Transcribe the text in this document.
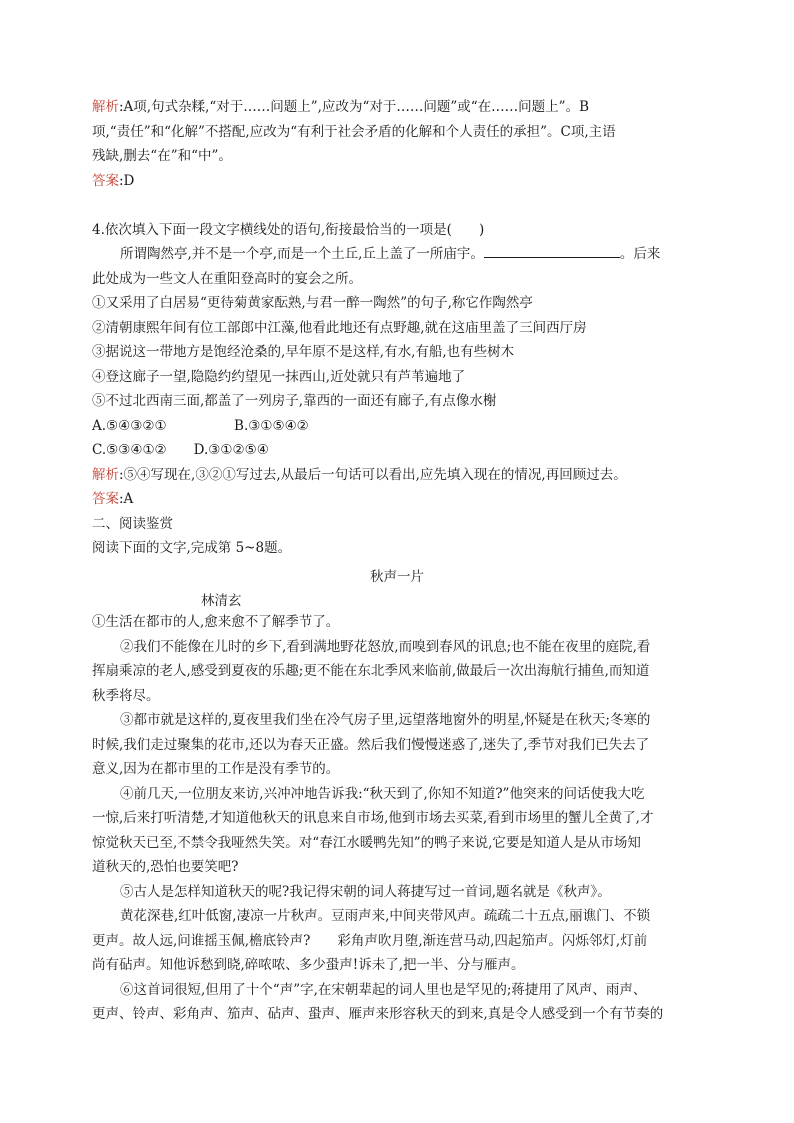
解析:A项,句式杂糅,“对于……问题上”,应改为“对于……问题”或“在……问题上”。B
项,“责任”和“化解”不搭配,应改为“有利于社会矛盾的化解和个人责任的承担”。C项,主语
残缺,删去“在”和“中”。
答案:D
4.依次填入下面一段文字横线处的语句,衔接最恰当的一项是(　　)
所谓陶然亭,并不是一个亭,而是一个土丘,丘上盖了一所庙宇。	。后来
此处成为一些文人在重阳登高时的宴会之所。
①又采用了白居易“更待菊黄家酝熟,与君一醉一陶然”的句子,称它作陶然亭
②清朝康熙年间有位工部郎中江藻,他看此地还有点野趣,就在这庙里盖了三间西厅房
③据说这一带地方是饱经沧桑的,早年原不是这样,有水,有船,也有些树木
④登这廊子一望,隐隐约约望见一抹西山,近处就只有芦苇遍地了
⑤不过北西南三面,都盖了一列房子,靠西的一面还有廊子,有点像水榭
A.⑤④③②①　　　　　B.③①⑤④②
C.⑤③④①②　　D.③①②⑤④
解析:⑤④写现在,③②①写过去,从最后一句话可以看出,应先填入现在的情况,再回顾过去。
答案:A
二、阅读鉴赏
阅读下面的文字,完成第 5~8题。
秋声一片
林清玄
①生活在都市的人,愈来愈不了解季节了。
②我们不能像在儿时的乡下,看到满地野花怒放,而嗅到春风的讯息;也不能在夜里的庭院,看
挥扇乘凉的老人,感受到夏夜的乐趣;更不能在东北季风来临前,做最后一次出海航行捕鱼,而知道
秋季将尽。
③都市就是这样的,夏夜里我们坐在冷气房子里,远望落地窗外的明星,怀疑是在秋天;冬寒的
时候,我们走过聚集的花市,还以为春天正盛。然后我们慢慢迷惑了,迷失了,季节对我们已失去了
意义,因为在都市里的工作是没有季节的。
④前几天,一位朋友来访,兴冲冲地告诉我:“秋天到了,你知不知道?”他突来的问话使我大吃
一惊,后来打听清楚,才知道他秋天的讯息来自市场,他到市场去买菜,看到市场里的蟹儿全黄了,才
惊觉秋天已至,不禁令我哑然失笑。对“春江水暖鸭先知”的鸭子来说,它要是知道人是从市场知
道秋天的,恐怕也要笑吧?
⑤古人是怎样知道秋天的呢?我记得宋朝的词人蒋捷写过一首词,题名就是《秋声》。
黄花深巷,红叶低窗,凄凉一片秋声。豆雨声来,中间夹带风声。疏疏二十五点,丽谯门、不锁
更声。故人远,问谁摇玉佩,檐底铃声?　　彩角声吹月堕,渐连营马动,四起笳声。闪烁邻灯,灯前
尚有砧声。知他诉愁到晓,碎哝哝、多少蛩声!诉未了,把一半、分与雁声。
⑥这首词很短,但用了十个“声”字,在宋朝辈起的词人里也是罕见的;蒋捷用了风声、雨声、
更声、铃声、彩角声、笳声、砧声、蛩声、雁声来形容秋天的到来,真是令人感受到一个有节奏的
